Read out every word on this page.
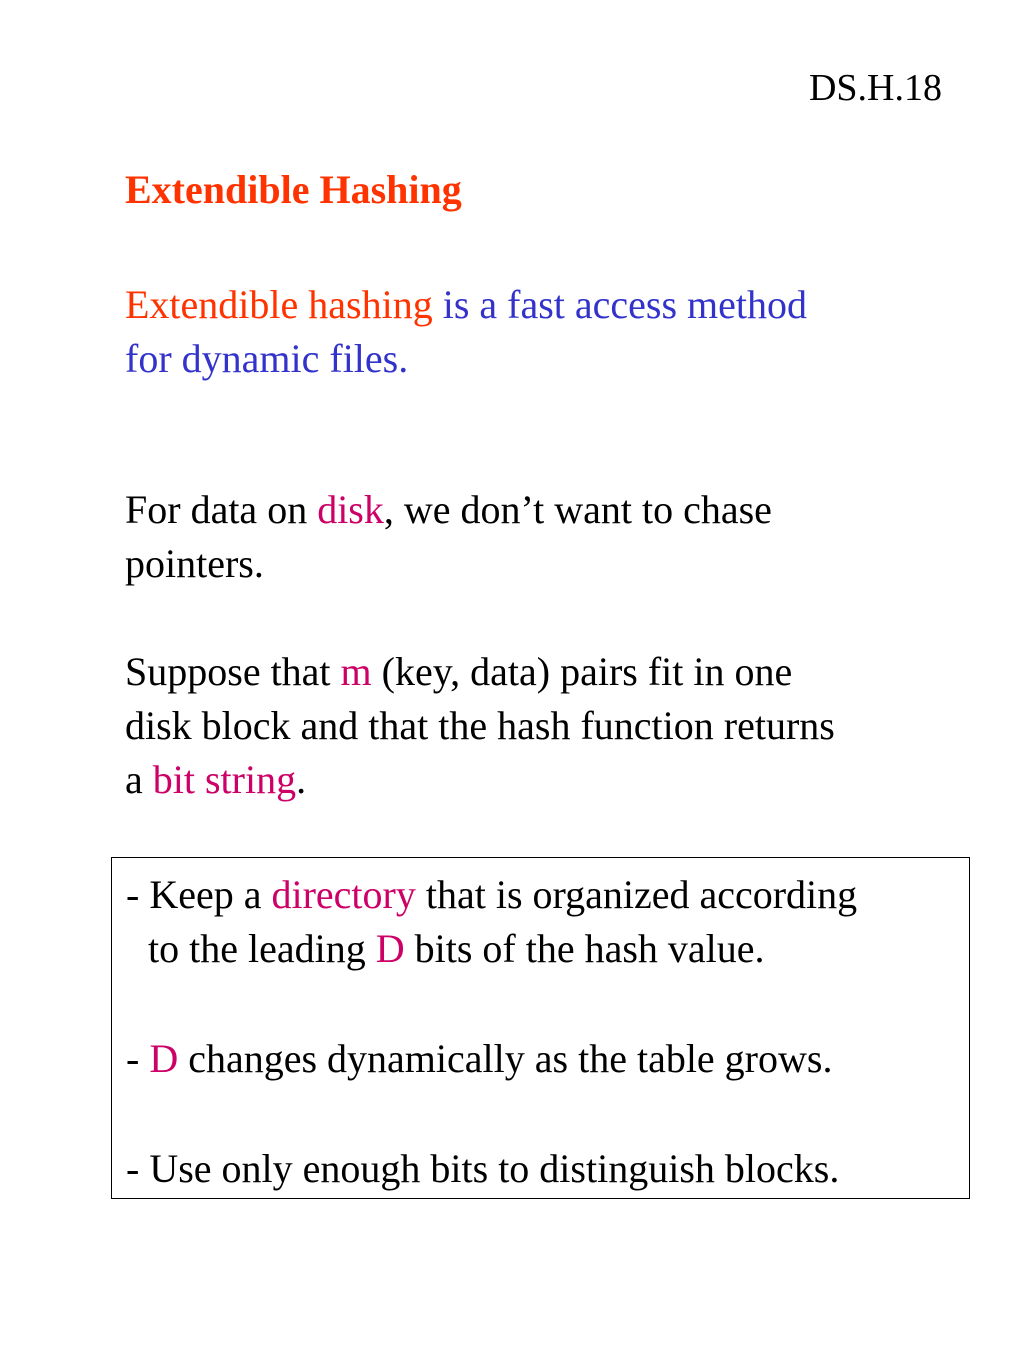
DS.H.18
Extendible Hashing
Extendible hashing is a fast access method
for dynamic files.
For data on disk, we don’t want to chase
pointers.
Suppose that m (key, data) pairs fit in one
disk block and that the hash function returns
a bit string.
- Keep a directory that is organized according
to the leading D bits of the hash value.
- D changes dynamically as the table grows.
- Use only enough bits to distinguish blocks.
